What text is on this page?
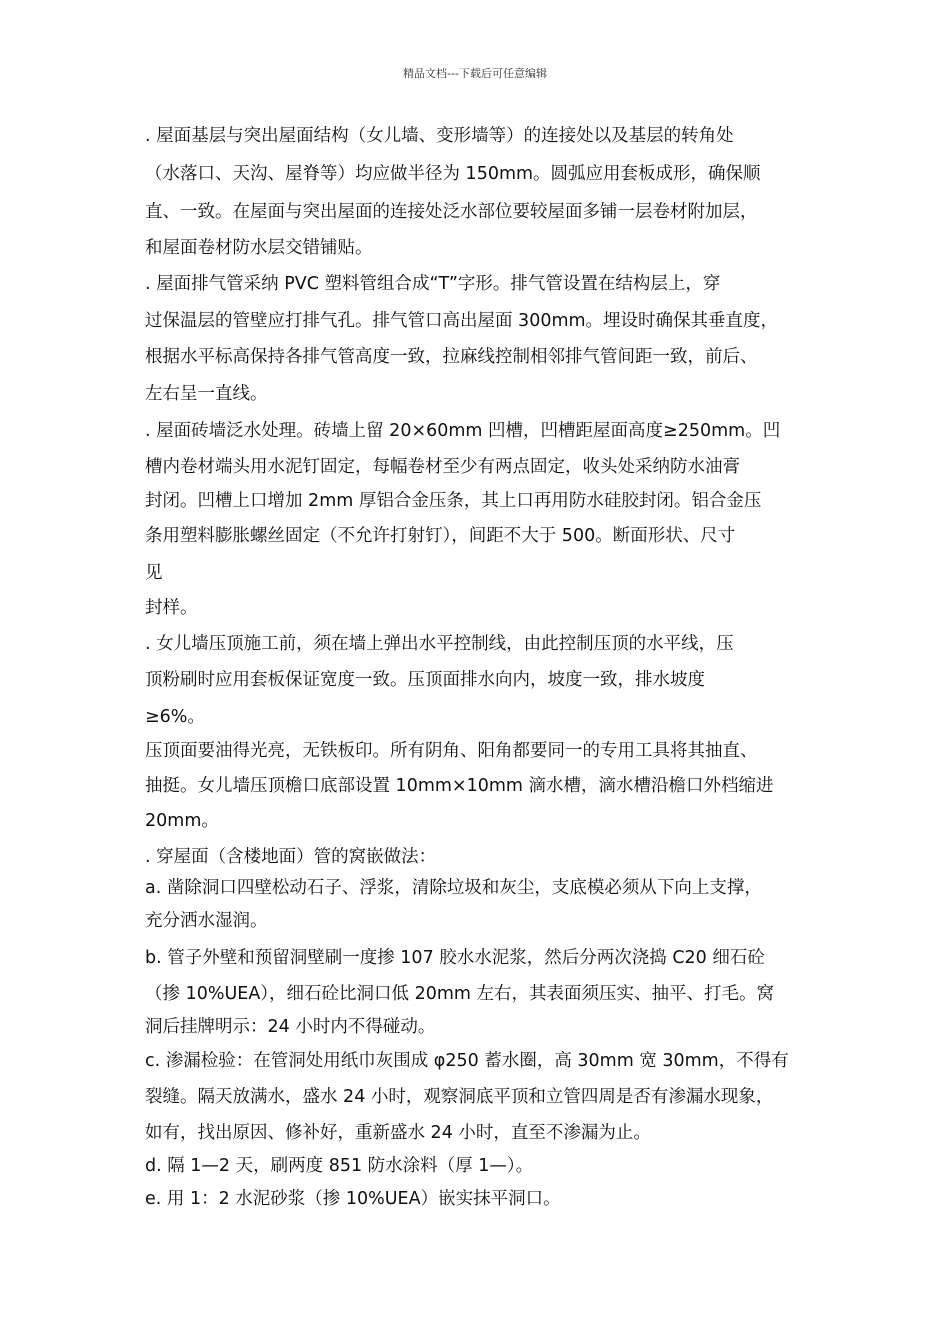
精品文档---下载后可任意编辑
. 屋面基层与突出屋面结构（女儿墙、变形墙等）的连接处以及基层的转角处
（水落口、天沟、屋脊等）均应做半径为 150mm。圆弧应用套板成形，确保顺
直、一致。在屋面与突出屋面的连接处泛水部位要较屋面多铺一层卷材附加层，
和屋面卷材防水层交错铺贴。
. 屋面排气管采纳 PVC 塑料管组合成“T”字形。排气管设置在结构层上，穿
过保温层的管壁应打排气孔。排气管口高出屋面 300mm。埋设时确保其垂直度，
根据水平标高保持各排气管高度一致，拉麻线控制相邻排气管间距一致，前后、
左右呈一直线。
. 屋面砖墙泛水处理。砖墙上留 20×60mm 凹槽，凹槽距屋面高度≥250mm。凹
槽内卷材端头用水泥钉固定，每幅卷材至少有两点固定，收头处采纳防水油膏
封闭。凹槽上口增加 2mm 厚铝合金压条，其上口再用防水硅胶封闭。铝合金压
条用塑料膨胀螺丝固定（不允许打射钉），间距不大于 500。断面形状、尺寸
见
封样。
. 女儿墙压顶施工前，须在墙上弹出水平控制线，由此控制压顶的水平线，压
顶粉刷时应用套板保证宽度一致。压顶面排水向内，坡度一致，排水坡度
≥6%。
压顶面要油得光亮，无铁板印。所有阴角、阳角都要同一的专用工具将其抽直、
抽挺。女儿墙压顶檐口底部设置 10mm×10mm 滴水槽，滴水槽沿檐口外档缩进
20mm。
. 穿屋面（含楼地面）管的窝嵌做法：
a. 凿除洞口四壁松动石子、浮浆，清除垃圾和灰尘，支底模必须从下向上支撑，
充分洒水湿润。
b. 管子外壁和预留洞壁刷一度掺 107 胶水水泥浆，然后分两次浇捣 C20 细石砼
（掺 10%UEA），细石砼比洞口低 20mm 左右，其表面须压实、抽平、打毛。窝
洞后挂牌明示：24 小时内不得碰动。
c. 渗漏检验：在管洞处用纸巾灰围成 φ250 蓄水圈，高 30mm 宽 30mm，不得有
裂缝。隔天放满水，盛水 24 小时，观察洞底平顶和立管四周是否有渗漏水现象，
如有，找出原因、修补好，重新盛水 24 小时，直至不渗漏为止。
d. 隔 1—2 天，刷两度 851 防水涂料（厚 1—）。
e. 用 1：2 水泥砂浆（掺 10%UEA）嵌实抹平洞口。
